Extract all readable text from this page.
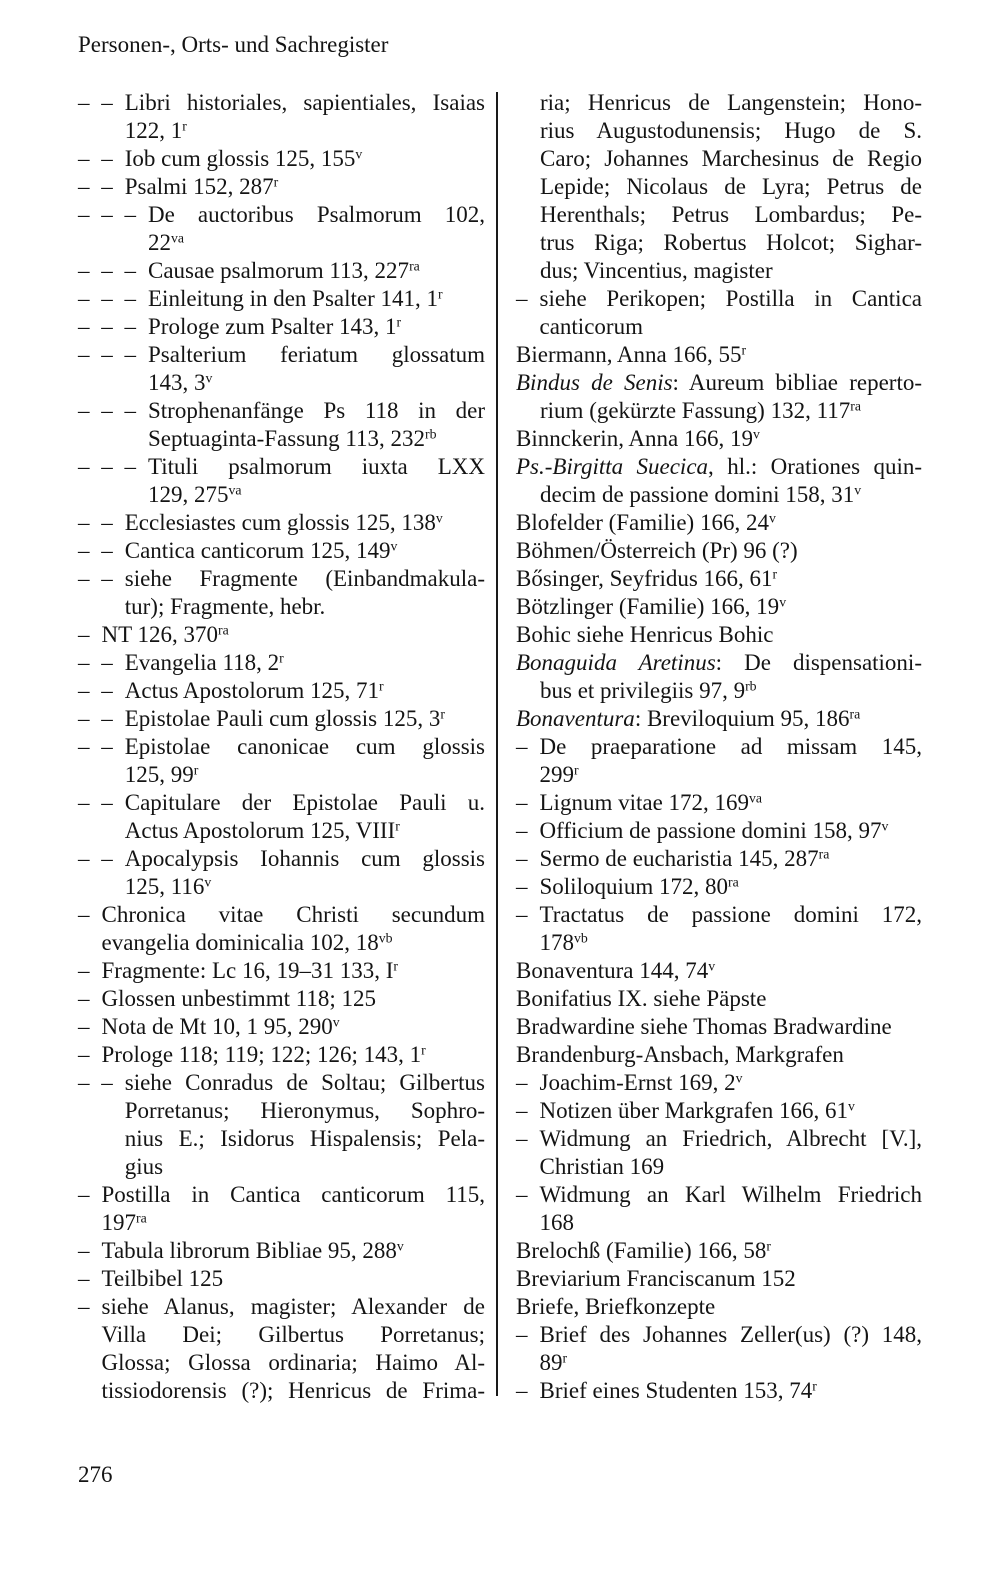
Personen-, Orts- und Sachregister
– – Libri historiales, sapientiales, Isaias
122, 1$^r$
– – Iob cum glossis 125, 155$^v$
– – Psalmi 152, 287$^r$
– – – De auctoribus Psalmorum 102,
$22^{va}$
– – – Causae psalmorum 113, $227^{ra}$
– – – Einleitung in den Psalter 141, 1$^r$
– – – Prologe zum Psalter 143, 1$^r$
– – – Psalterium feriatum glossatum
143, 3$^v$
– – – Strophenanfänge Ps 118 in der
Septuaginta-Fassung 113, $232^{rb}$
– – – Tituli psalmorum iuxta LXX
129, $275^{va}$
– – Ecclesiastes cum glossis 125, 138$^v$
– – Cantica canticorum 125, 149$^v$
– – siehe Fragmente (Einbandmakula-
tur); Fragmente, hebr.
– NT 126, $370^{ra}$
– – Evangelia 118, 2$^r$
– – Actus Apostolorum 125, 71$^r$
– – Epistolae Pauli cum glossis 125, 3$^r$
– – Epistolae canonicae cum glossis
125, 99$^r$
– – Capitulare der Epistolae Pauli u.
Actus Apostolorum 125, VIII$^r$
– – Apocalypsis Iohannis cum glossis
125, 116$^v$
– Chronica vitae Christi secundum
evangelia dominicalia 102, $18^{vb}$
– Fragmente: Lc 16, 19–31 133, $I^r$
– Glossen unbestimmt 118; 125
– Nota de Mt 10, 1 95, 290$^v$
– Prologe 118; 119; 122; 126; 143, 1$^r$
– – siehe Conradus de Soltau; Gilbertus
Porretanus; Hieronymus, Sophro-
nius E.; Isidorus Hispalensis; Pela-
gius
– Postilla in Cantica canticorum 115,
$197^{ra}$
– Tabula librorum Bibliae 95, 288$^v$
– Teilbibel 125
– siehe Alanus, magister; Alexander de
Villa Dei; Gilbertus Porretanus;
Glossa; Glossa ordinaria; Haimo Al-
tissiodorensis (?); Henricus de Frima-
ria; Henricus de Langenstein; Hono-
rius Augustodunensis; Hugo de S.
Caro; Johannes Marchesinus de Regio
Lepide; Nicolaus de Lyra; Petrus de
Herenthals; Petrus Lombardus; Pe-
trus Riga; Robertus Holcot; Sighar-
dus; Vincentius, magister
– siehe Perikopen; Postilla in Cantica
canticorum
Biermann, Anna 166, 55$^r$
Bindus de Senis: Aureum bibliae reperto-
rium (gekürzte Fassung) 132, $117^{ra}$
Binnckerin, Anna 166, 19$^v$
Ps.-Birgitta Suecica, hl.: Orationes quin-
decim de passione domini 158, 31$^v$
Blofelder (Familie) 166, 24$^v$
Böhmen/Österreich (Pr) 96 (?)
Bősinger, Seyfridus 166, 61$^r$
Bötzlinger (Familie) 166, 19$^v$
Bohic siehe Henricus Bohic
Bonaguida Aretinus: De dispensationi-
bus et privilegiis 97, $9^{rb}$
Bonaventura: Breviloquium 95, $186^{ra}$
– De praeparatione ad missam 145,
299$^r$
– Lignum vitae 172, $169^{va}$
– Officium de passione domini 158, 97$^v$
– Sermo de eucharistia 145, $287^{ra}$
– Soliloquium 172, $80^{ra}$
– Tractatus de passione domini 172,
$178^{vb}$
Bonaventura 144, 74$^v$
Bonifatius IX. siehe Päpste
Bradwardine siehe Thomas Bradwardine
Brandenburg-Ansbach, Markgrafen
– Joachim-Ernst 169, 2$^v$
– Notizen über Markgrafen 166, 61$^v$
– Widmung an Friedrich, Albrecht [V.],
Christian 169
– Widmung an Karl Wilhelm Friedrich
168
Brelochß (Familie) 166, 58$^r$
Breviarium Franciscanum 152
Briefe, Briefkonzepte
– Brief des Johannes Zeller(us) (?) 148,
89$^r$
– Brief eines Studenten 153, 74$^r$
276
